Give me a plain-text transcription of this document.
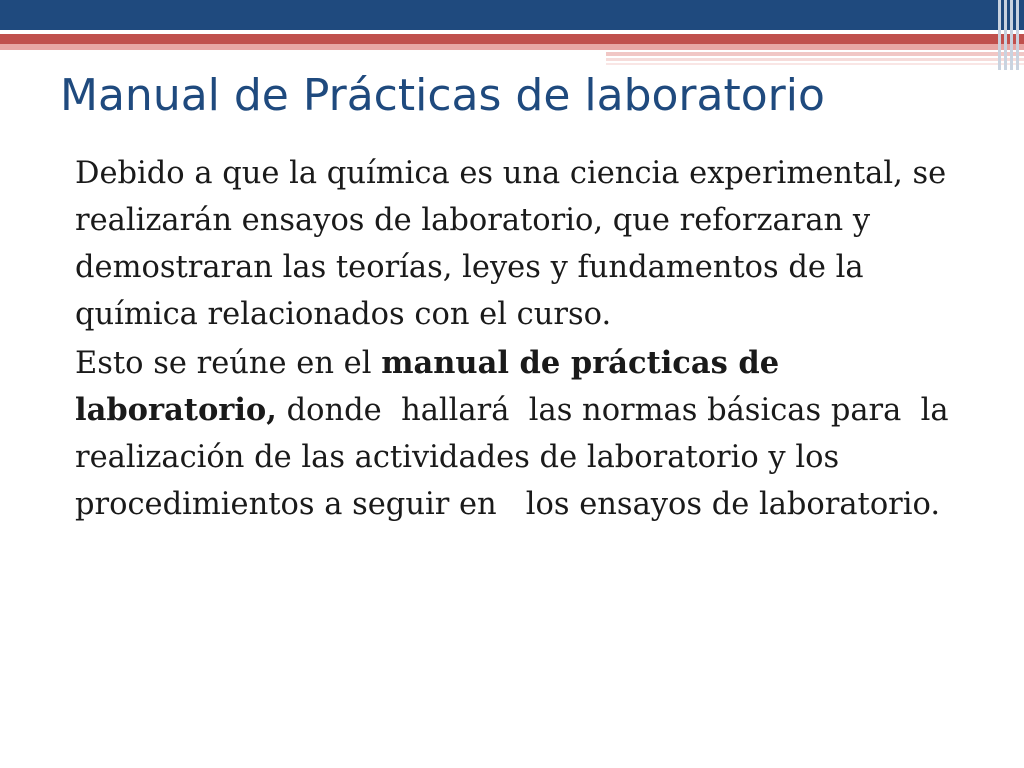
Manual de Prácticas de laboratorio

Debido a que la química es una ciencia experimental, se realizarán ensayos de laboratorio, que reforzaran y demostraran las teorías, leyes y fundamentos de la química relacionados con el curso.

Esto se reúne en el manual de prácticas de laboratorio, donde  hallará  las normas básicas para  la realización de las actividades de laboratorio y los procedimientos a seguir en   los ensayos de laboratorio.
